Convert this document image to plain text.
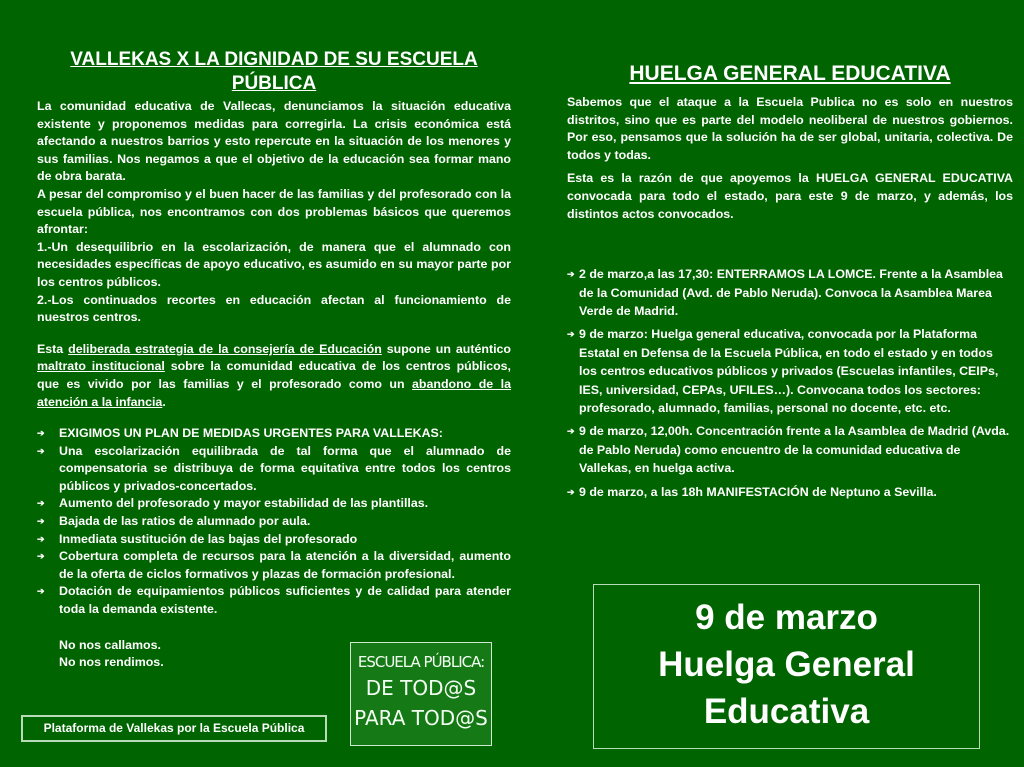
VALLEKAS X LA DIGNIDAD DE SU ESCUELA PÚBLICA

La comunidad educativa de Vallecas, denunciamos la situación educativa existente y proponemos medidas para corregirla. La crisis económica está afectando a nuestros barrios y esto repercute en la situación de los menores y sus familias. Nos negamos a que el objetivo de la educación sea formar mano de obra barata.

A pesar del compromiso y el buen hacer de las familias y del profesorado con la escuela pública, nos encontramos con dos problemas básicos que queremos afrontar:

1.-Un desequilibrio en la escolarización, de manera que el alumnado con necesidades específicas de apoyo educativo, es asumido en su mayor parte por los centros públicos.

2.-Los continuados recortes en educación afectan al funcionamiento de nuestros centros.

Esta deliberada estrategia de la consejería de Educación supone un auténtico maltrato institucional sobre la comunidad educativa de los centros públicos, que es vivido por las familias y el profesorado como un abandono de la atención a la infancia.

➔ EXIGIMOS UN PLAN DE MEDIDAS URGENTES PARA VALLEKAS:
➔ Una escolarización equilibrada de tal forma que el alumnado de compensatoria se distribuya de forma equitativa entre todos los centros públicos y privados-concertados.
➔ Aumento del profesorado y mayor estabilidad de las plantillas.
➔ Bajada de las ratios de alumnado por aula.
➔ Inmediata sustitución de las bajas del profesorado
➔ Cobertura completa de recursos para la atención a la diversidad, aumento de la oferta de ciclos formativos y plazas de formación profesional.
➔ Dotación de equipamientos públicos suficientes y de calidad para atender toda la demanda existente.
No nos callamos.
No nos rendimos.
Plataforma de Vallekas por la Escuela Pública
ESCUELA PÚBLICA:
DE TOD@S
PARA TOD@S
HUELGA GENERAL EDUCATIVA

Sabemos que el ataque a la Escuela Publica no es solo en nuestros distritos, sino que es parte del modelo neoliberal de nuestros gobiernos. Por eso, pensamos que la solución ha de ser global, unitaria, colectiva. De todos y todas.

Esta es la razón de que apoyemos la HUELGA GENERAL EDUCATIVA convocada para todo el estado, para este 9 de marzo, y además, los distintos actos convocados.

➔ 2 de marzo,a las 17,30: ENTERRAMOS LA LOMCE. Frente a la Asamblea de la Comunidad (Avd. de Pablo Neruda). Convoca la Asamblea Marea Verde de Madrid.
➔ 9 de marzo: Huelga general educativa, convocada por la Plataforma Estatal en Defensa de la Escuela Pública, en todo el estado y en todos los centros educativos públicos y privados (Escuelas infantiles, CEIPs, IES, universidad, CEPAs, UFILES…). Convocana todos los sectores: profesorado, alumnado, familias, personal no docente, etc. etc.
➔ 9 de marzo, 12,00h. Concentración frente a la Asamblea de Madrid (Avda. de Pablo Neruda) como encuentro de la comunidad educativa de Vallekas, en huelga activa.
➔ 9 de marzo, a las 18h MANIFESTACIÓN de Neptuno a Sevilla.
9 de marzo
Huelga General
Educativa
